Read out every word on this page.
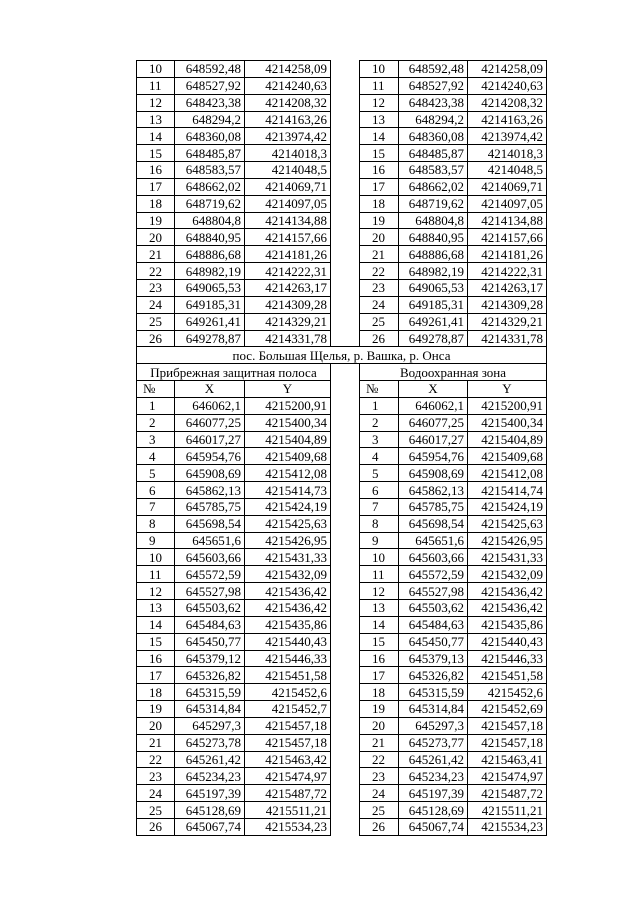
10	648592,48	4214258,09		10	648592,48	4214258,09
11	648527,92	4214240,63		11	648527,92	4214240,63
12	648423,38	4214208,32		12	648423,38	4214208,32
13	648294,2	4214163,26		13	648294,2	4214163,26
14	648360,08	4213974,42		14	648360,08	4213974,42
15	648485,87	4214018,3		15	648485,87	4214018,3
16	648583,57	4214048,5		16	648583,57	4214048,5
17	648662,02	4214069,71		17	648662,02	4214069,71
18	648719,62	4214097,05		18	648719,62	4214097,05
19	648804,8	4214134,88		19	648804,8	4214134,88
20	648840,95	4214157,66		20	648840,95	4214157,66
21	648886,68	4214181,26		21	648886,68	4214181,26
22	648982,19	4214222,31		22	648982,19	4214222,31
23	649065,53	4214263,17		23	649065,53	4214263,17
24	649185,31	4214309,28		24	649185,31	4214309,28
25	649261,41	4214329,21		25	649261,41	4214329,21
26	649278,87	4214331,78		26	649278,87	4214331,78
пос. Большая Щелья, р. Вашка, р. Онса						
Прибрежная защитная полоса				Водоохранная зона		
№	X	Y		№	X	Y
1	646062,1	4215200,91		1	646062,1	4215200,91
2	646077,25	4215400,34		2	646077,25	4215400,34
3	646017,27	4215404,89		3	646017,27	4215404,89
4	645954,76	4215409,68		4	645954,76	4215409,68
5	645908,69	4215412,08		5	645908,69	4215412,08
6	645862,13	4215414,73		6	645862,13	4215414,74
7	645785,75	4215424,19		7	645785,75	4215424,19
8	645698,54	4215425,63		8	645698,54	4215425,63
9	645651,6	4215426,95		9	645651,6	4215426,95
10	645603,66	4215431,33		10	645603,66	4215431,33
11	645572,59	4215432,09		11	645572,59	4215432,09
12	645527,98	4215436,42		12	645527,98	4215436,42
13	645503,62	4215436,42		13	645503,62	4215436,42
14	645484,63	4215435,86		14	645484,63	4215435,86
15	645450,77	4215440,43		15	645450,77	4215440,43
16	645379,12	4215446,33		16	645379,13	4215446,33
17	645326,82	4215451,58		17	645326,82	4215451,58
18	645315,59	4215452,6		18	645315,59	4215452,6
19	645314,84	4215452,7		19	645314,84	4215452,69
20	645297,3	4215457,18		20	645297,3	4215457,18
21	645273,78	4215457,18		21	645273,77	4215457,18
22	645261,42	4215463,42		22	645261,42	4215463,41
23	645234,23	4215474,97		23	645234,23	4215474,97
24	645197,39	4215487,72		24	645197,39	4215487,72
25	645128,69	4215511,21		25	645128,69	4215511,21
26	645067,74	4215534,23		26	645067,74	4215534,23
